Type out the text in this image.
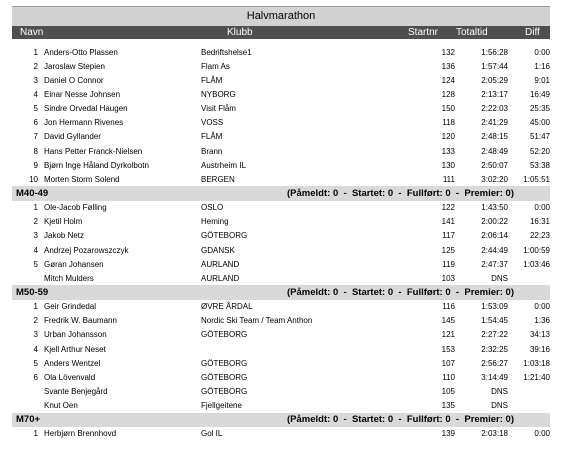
Halvmarathon
Navn	Klubb	Startnr Totaltid	Diff
1	Anders-Otto Plassen	Bedriftshelse1	132	1:56:28	0:00
2	Jaroslaw Stepien	Flam As	136	1:57:44	1:16
3	Daniel O Connor	FLÅM	124	2:05:29	9:01
4	Einar Nesse Johnsen	NYBORG	128	2:13:17	16:49
5	Sindre Orvedal Haugen	Visit Flåm	150	2:22:03	25:35
6	Jon Hermann Rivenes	VOSS	118	2:41:29	45:00
7	David Gyllander	FLÅM	120	2:48:15	51:47
8	Hans Petter Franck-Nielsen	Brann	133	2:48:49	52:20
9	Bjørn Inge Håland Dyrkolbotn	Austrheim IL	130	2:50:07	53:38
10	Morten Storm Solend	BERGEN	111	3:02:20	1:05:51
M40-49		(Påmeldt: 0  -  Startet: 0  -  Fullført: 0  -  Premier: 0)			
1	Ole-Jacob Følling	OSLO	122	1:43:50	0:00
2	Kjetil Holm	Heming	141	2:00:22	16:31
3	Jakob Netz	GÖTEBORG	117	2:06:14	22:23
4	Andrzej Pozarowszczyk	GDANSK	125	2:44:49	1:00:59
5	Gøran Johansen	AURLAND	119	2:47:37	1:03:46
	Mitch Mulders	AURLAND	103	DNS	
M50-59		(Påmeldt: 0  -  Startet: 0  -  Fullført: 0  -  Premier: 0)			
1	Geir Grindedal	ØVRE ÅRDAL	116	1:53:09	0:00
2	Fredrik W. Baumann	Nordic Ski Team / Team Anthon	145	1:54:45	1:36
3	Urban Johansson	GÖTEBORG	121	2:27:22	34:13
4	Kjell Arthur Neset		153	2:32:25	39:16
5	Anders Wentzel	GÖTEBORG	107	2:56:27	1:03:18
6	Ola Lövenvald	GÖTEBORG	110	3:14:49	1:21:40
	Svante Benjegård	GÖTEBORG	105	DNS	
	Knut Oen	Fjellgeitene	135	DNS	
M70+		(Påmeldt: 0  -  Startet: 0  -  Fullført: 0  -  Premier: 0)			
1	Herbjørn Brennhovd	Gol IL	139	2:03:18	0:00
